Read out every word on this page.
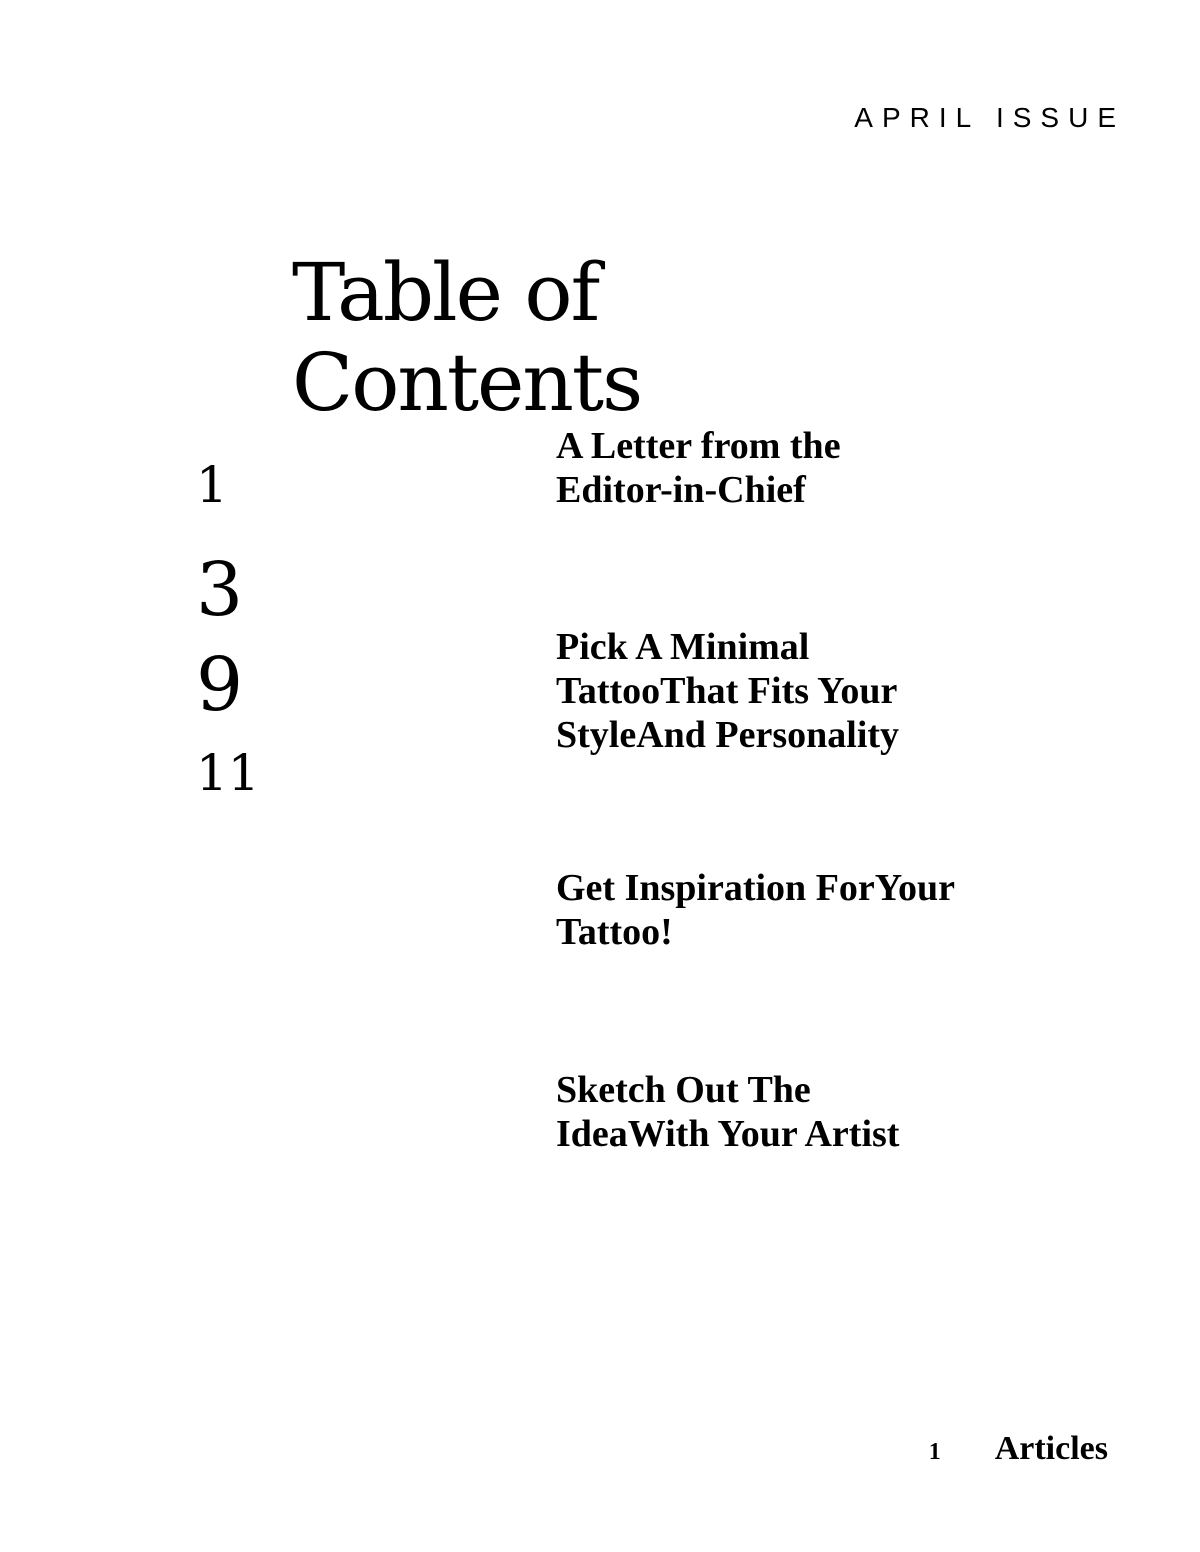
APRIL ISSUE
Table of
Contents
1
3
9
11
A Letter from the
Editor-in-Chief
Pick A Minimal
TattooThat Fits Your
StyleAnd Personality
Get Inspiration ForYour
Tattoo!
Sketch Out The
IdeaWith Your Artist
1 Articles
